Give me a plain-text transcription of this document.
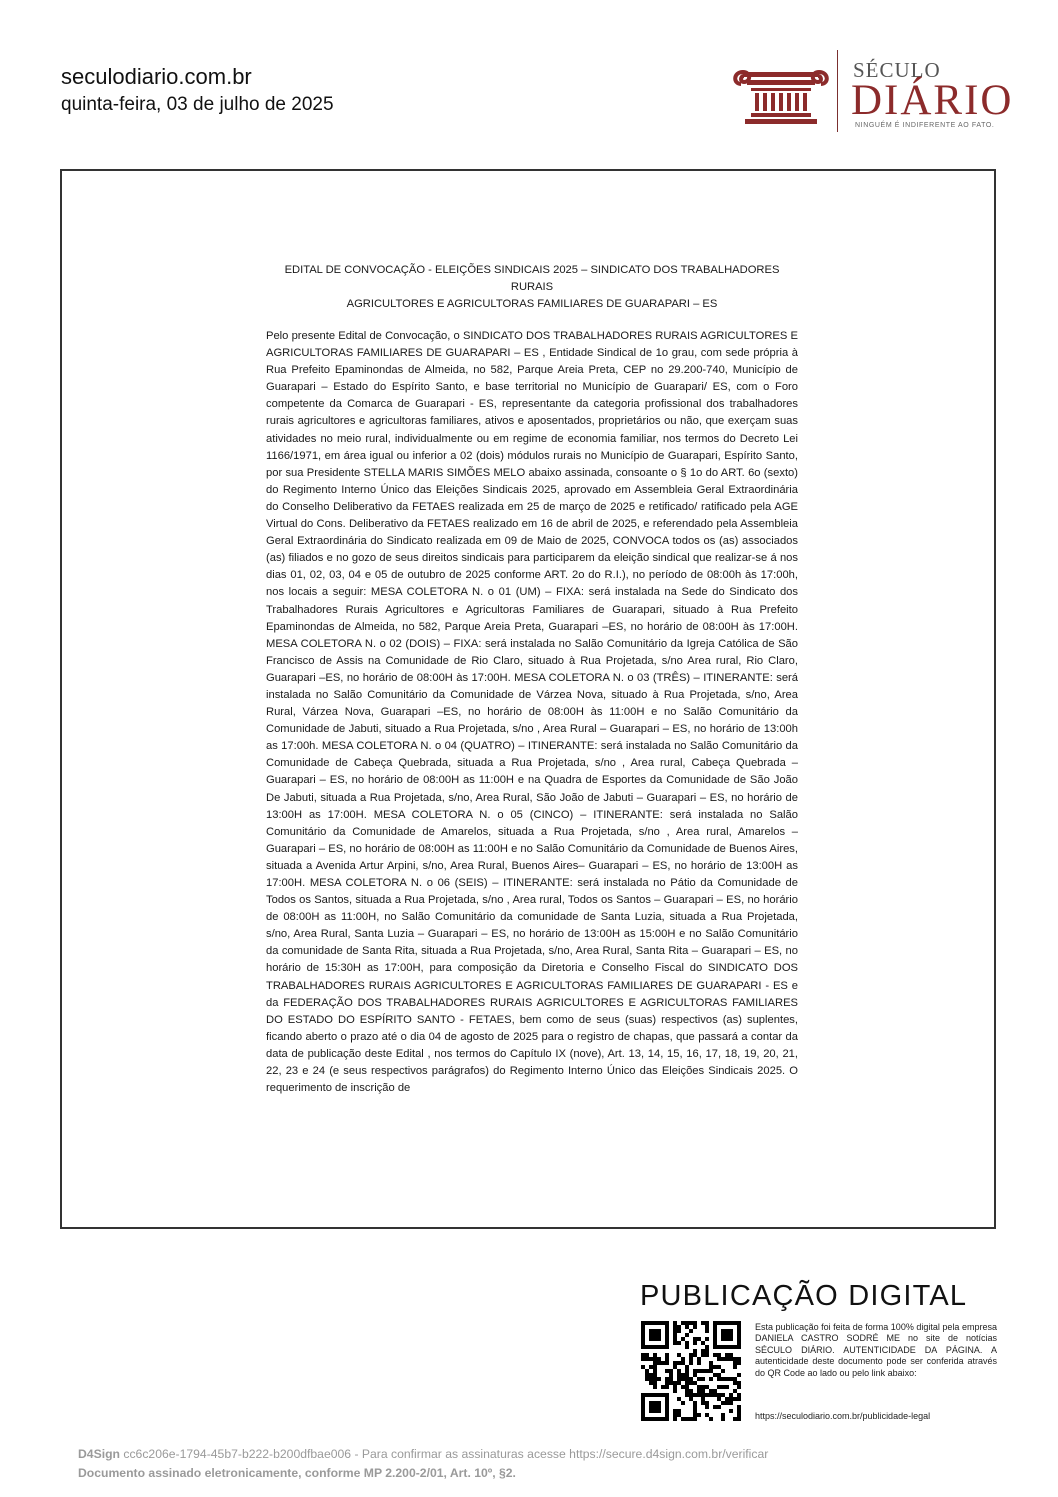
seculodiario.com.br
quinta-feira, 03 de julho de 2025
SÉCULO
DIÁRIO
NINGUÉM É INDIFERENTE AO FATO.
EDITAL DE CONVOCAÇÃO - ELEIÇÕES SINDICAIS 2025 – SINDICATO DOS TRABALHADORES
RURAIS
AGRICULTORES E AGRICULTORAS FAMILIARES DE GUARAPARI – ES

Pelo presente Edital de Convocação, o SINDICATO DOS TRABALHADORES RURAIS AGRICULTORES E AGRICULTORAS FAMILIARES DE GUARAPARI – ES , Entidade Sindical de 1o grau, com sede própria à Rua Prefeito Epaminondas de Almeida, no 582, Parque Areia Preta, CEP no 29.200-740, Município de Guarapari – Estado do Espírito Santo, e base territorial no Município de Guarapari/ ES, com o Foro competente da Comarca de Guarapari - ES, representante da categoria profissional dos trabalhadores rurais agricultores e agricultoras familiares, ativos e aposentados, proprietários ou não, que exerçam suas atividades no meio rural, individualmente ou em regime de economia familiar, nos termos do Decreto Lei 1166/1971, em área igual ou inferior a 02 (dois) módulos rurais no Município de Guarapari, Espírito Santo, por sua Presidente STELLA MARIS SIMÕES MELO abaixo assinada, consoante o § 1o do ART. 6o (sexto) do Regimento Interno Único das Eleições Sindicais 2025, aprovado em Assembleia Geral Extraordinária do Conselho Deliberativo da FETAES realizada em 25 de março de 2025 e retificado/ ratificado pela AGE Virtual do Cons. Deliberativo da FETAES realizado em 16 de abril de 2025, e referendado pela Assembleia Geral Extraordinária do Sindicato realizada em 09 de Maio de 2025, CONVOCA todos os (as) associados (as) filiados e no gozo de seus direitos sindicais para participarem da eleição sindical que realizar-se á nos dias 01, 02, 03, 04 e 05 de outubro de 2025 conforme ART. 2o do R.I.), no período de 08:00h às 17:00h, nos locais a seguir: MESA COLETORA N. o 01 (UM) – FIXA: será instalada na Sede do Sindicato dos Trabalhadores Rurais Agricultores e Agricultoras Familiares de Guarapari, situado à Rua Prefeito Epaminondas de Almeida, no 582, Parque Areia Preta, Guarapari –ES, no horário de 08:00H às 17:00H. MESA COLETORA N. o 02 (DOIS) – FIXA: será instalada no Salão Comunitário da Igreja Católica de São Francisco de Assis na Comunidade de Rio Claro, situado à Rua Projetada, s/no Area rural, Rio Claro, Guarapari –ES, no horário de 08:00H às 17:00H. MESA COLETORA N. o 03 (TRÊS) – ITINERANTE: será instalada no Salão Comunitário da Comunidade de Várzea Nova, situado à Rua Projetada, s/no, Area Rural, Várzea Nova, Guarapari –ES, no horário de 08:00H às 11:00H e no Salão Comunitário da Comunidade de Jabuti, situado a Rua Projetada, s/no , Area Rural – Guarapari – ES, no horário de 13:00h as 17:00h. MESA COLETORA N. o 04 (QUATRO) – ITINERANTE: será instalada no Salão Comunitário da Comunidade de Cabeça Quebrada, situada a Rua Projetada, s/no , Area rural, Cabeça Quebrada – Guarapari – ES, no horário de 08:00H as 11:00H e na Quadra de Esportes da Comunidade de São João De Jabuti, situada a Rua Projetada, s/no, Area Rural, São João de Jabuti – Guarapari – ES, no horário de 13:00H as 17:00H. MESA COLETORA N. o 05 (CINCO) – ITINERANTE: será instalada no Salão Comunitário da Comunidade de Amarelos, situada a Rua Projetada, s/no , Area rural, Amarelos – Guarapari – ES, no horário de 08:00H as 11:00H e no Salão Comunitário da Comunidade de Buenos Aires, situada a Avenida Artur Arpini, s/no, Area Rural, Buenos Aires– Guarapari – ES, no horário de 13:00H as 17:00H. MESA COLETORA N. o 06 (SEIS) – ITINERANTE: será instalada no Pátio da Comunidade de Todos os Santos, situada a Rua Projetada, s/no , Area rural, Todos os Santos – Guarapari – ES, no horário de 08:00H as 11:00H, no Salão Comunitário da comunidade de Santa Luzia, situada a Rua Projetada, s/no, Area Rural, Santa Luzia – Guarapari – ES, no horário de 13:00H as 15:00H e no Salão Comunitário da comunidade de Santa Rita, situada a Rua Projetada, s/no, Area Rural, Santa Rita – Guarapari – ES, no horário de 15:30H as 17:00H, para composição da Diretoria e Conselho Fiscal do SINDICATO DOS TRABALHADORES RURAIS AGRICULTORES E AGRICULTORAS FAMILIARES DE GUARAPARI - ES e da FEDERAÇÃO DOS TRABALHADORES RURAIS AGRICULTORES E AGRICULTORAS FAMILIARES DO ESTADO DO ESPÍRITO SANTO - FETAES, bem como de seus (suas) respectivos (as) suplentes, ficando aberto o prazo até o dia 04 de agosto de 2025 para o registro de chapas, que passará a contar da data de publicação deste Edital , nos termos do Capítulo IX (nove), Art. 13, 14, 15, 16, 17, 18, 19, 20, 21, 22, 23 e 24 (e seus respectivos parágrafos) do Regimento Interno Único das Eleições Sindicais 2025. O requerimento de inscrição de

PUBLICAÇÃO DIGITAL

Esta publicação foi feita de forma 100% digital pela empresa DANIELA CASTRO SODRÉ ME no site de notícias SÉCULO DIÁRIO. AUTENTICIDADE DA PÁGINA. A autenticidade deste documento pode ser conferida através do QR Code ao lado ou pelo link abaixo:

https://seculodiario.com.br/publicidade-legal
D4Sign cc6c206e-1794-45b7-b222-b200dfbae006 - Para confirmar as assinaturas acesse https://secure.d4sign.com.br/verificar
Documento assinado eletronicamente, conforme MP 2.200-2/01, Art. 10º, §2.
